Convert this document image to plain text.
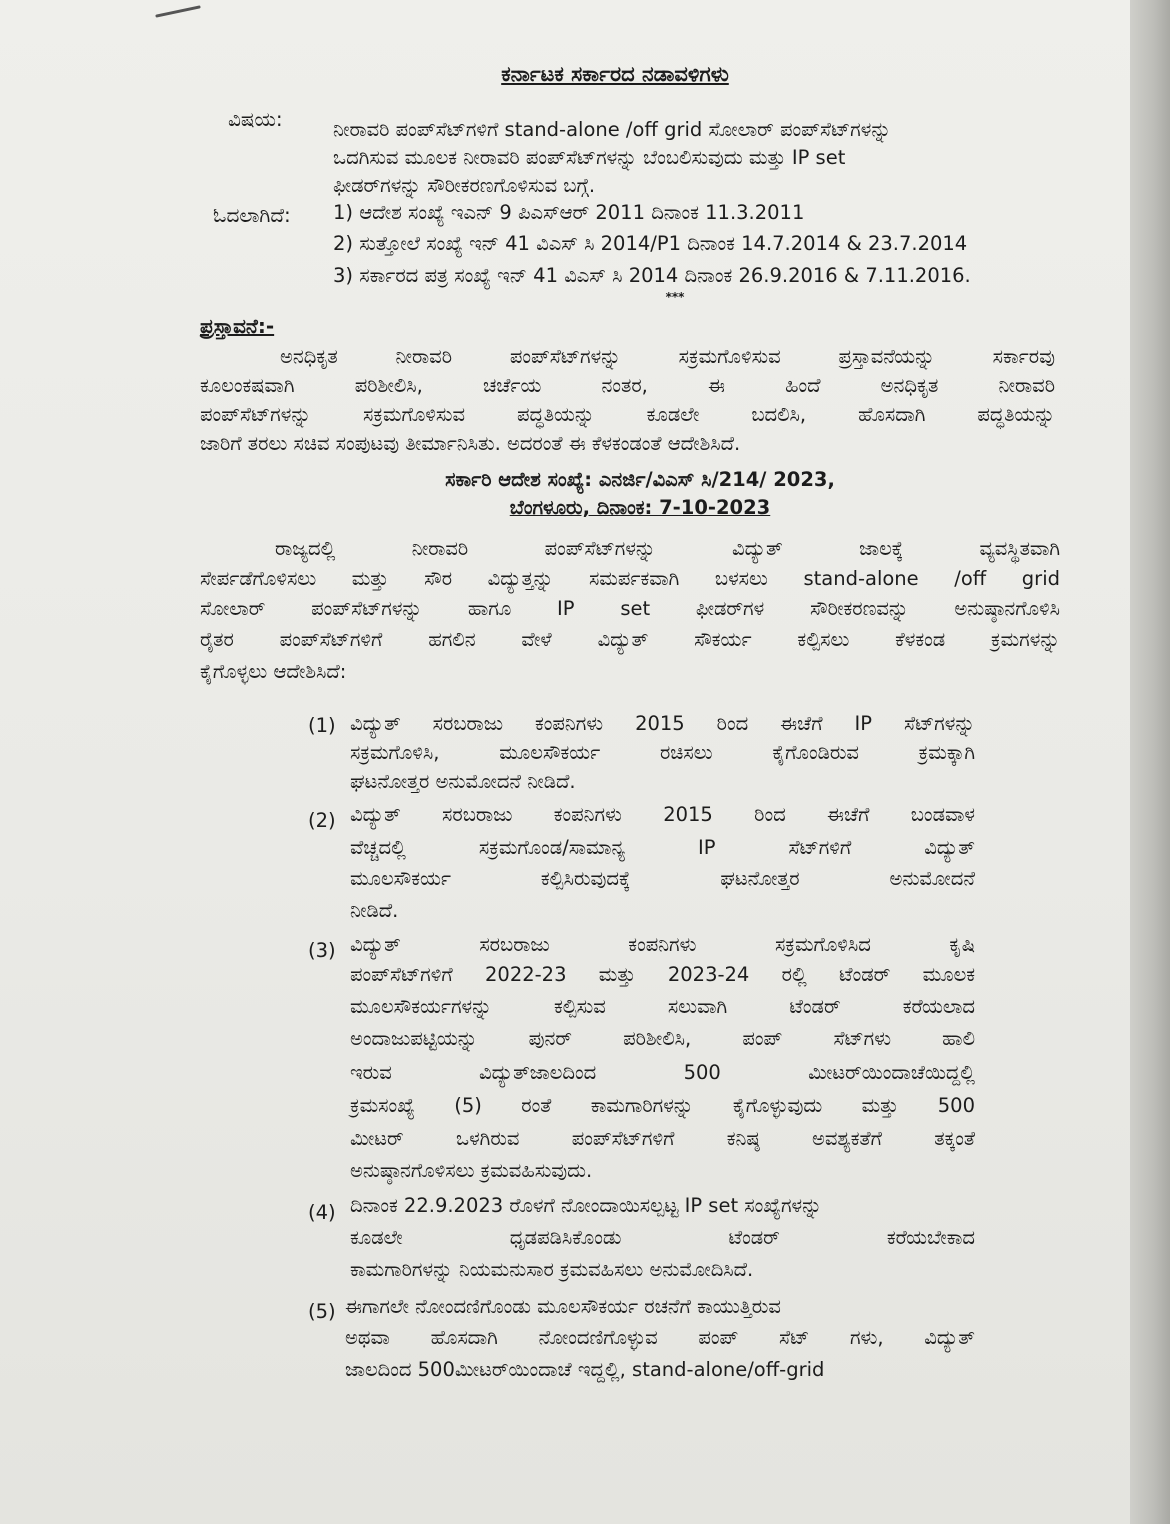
ಕರ್ನಾಟಕ ಸರ್ಕಾರದ ನಡಾವಳಿಗಳು
ವಿಷಯ:	ನೀರಾವರಿ ಪಂಪ್‌ಸೆಟ್‌ಗಳಿಗೆ stand-alone /off grid ಸೋಲಾರ್ ಪಂಪ್‌ಸೆಟ್‌ಗಳನ್ನು
ಒದಗಿಸುವ ಮೂಲಕ ನೀರಾವರಿ ಪಂಪ್‌ಸೆಟ್‌ಗಳನ್ನು ಬೆಂಬಲಿಸುವುದು ಮತ್ತು IP set
ಫೀಡರ್‌ಗಳನ್ನು ಸೌರೀಕರಣಗೊಳಿಸುವ ಬಗ್ಗೆ.
ಓದಲಾಗಿದೆ: 1) ಆದೇಶ ಸಂಖ್ಯೆ ಇಎನ್ 9 ಪಿಎಸ್‌ಆರ್ 2011 ದಿನಾಂಕ 11.3.2011
2) ಸುತ್ತೋಲೆ ಸಂಖ್ಯೆ ಇನ್ 41 ವಿಎಸ್ ಸಿ 2014/P1 ದಿನಾಂಕ 14.7.2014 & 23.7.2014
3) ಸರ್ಕಾರದ ಪತ್ರ ಸಂಖ್ಯೆ ಇನ್ 41 ವಿಎಸ್ ಸಿ 2014 ದಿನಾಂಕ 26.9.2016 & 7.11.2016.
***
ಪ್ರಸ್ತಾವನೆ:-
ಅನಧಿಕೃತ ನೀರಾವರಿ ಪಂಪ್‌ಸೆಟ್‌ಗಳನ್ನು ಸಕ್ರಮಗೊಳಿಸುವ ಪ್ರಸ್ತಾವನೆಯನ್ನು ಸರ್ಕಾರವು
ಕೂಲಂಕಷವಾಗಿ ಪರಿಶೀಲಿಸಿ, ಚರ್ಚೆಯ ನಂತರ, ಈ ಹಿಂದೆ ಅನಧಿಕೃತ ನೀರಾವರಿ
ಪಂಪ್‌ಸೆಟ್‌ಗಳನ್ನು ಸಕ್ರಮಗೊಳಿಸುವ ಪದ್ಧತಿಯನ್ನು ಕೂಡಲೇ ಬದಲಿಸಿ, ಹೊಸದಾಗಿ ಪದ್ಧತಿಯನ್ನು
ಜಾರಿಗೆ ತರಲು ಸಚಿವ ಸಂಪುಟವು ತೀರ್ಮಾನಿಸಿತು. ಅದರಂತೆ ಈ ಕೆಳಕಂಡಂತೆ ಆದೇಶಿಸಿದೆ.
ಸರ್ಕಾರಿ ಆದೇಶ ಸಂಖ್ಯೆ: ಎನರ್ಜಿ/ವಿಎಸ್ ಸಿ/214/ 2023,
ಬೆಂಗಳೂರು, ದಿನಾಂಕ: 7-10-2023
ರಾಜ್ಯದಲ್ಲಿ ನೀರಾವರಿ ಪಂಪ್‌ಸೆಟ್‌ಗಳನ್ನು ವಿದ್ಯುತ್ ಜಾಲಕ್ಕೆ ವ್ಯವಸ್ಥಿತವಾಗಿ
ಸೇರ್ಪಡೆಗೊಳಿಸಲು ಮತ್ತು ಸೌರ ವಿದ್ಯುತ್ತನ್ನು ಸಮರ್ಪಕವಾಗಿ ಬಳಸಲು stand-alone /off grid
ಸೋಲಾರ್ ಪಂಪ್‌ಸೆಟ್‌ಗಳನ್ನು ಹಾಗೂ IP set ಫೀಡರ್‌ಗಳ ಸೌರೀಕರಣವನ್ನು ಅನುಷ್ಠಾನಗೊಳಿಸಿ
ರೈತರ ಪಂಪ್‌ಸೆಟ್‌ಗಳಿಗೆ ಹಗಲಿನ ವೇಳೆ ವಿದ್ಯುತ್ ಸೌಕರ್ಯ ಕಲ್ಪಿಸಲು ಕೆಳಕಂಡ ಕ್ರಮಗಳನ್ನು
ಕೈಗೊಳ್ಳಲು ಆದೇಶಿಸಿದೆ:
(1) ವಿದ್ಯುತ್ ಸರಬರಾಜು ಕಂಪನಿಗಳು 2015 ರಿಂದ ಈಚೆಗೆ IP ಸೆಟ್‌ಗಳನ್ನು
ಸಕ್ರಮಗೊಳಿಸಿ, ಮೂಲಸೌಕರ್ಯ ರಚಿಸಲು ಕೈಗೊಂಡಿರುವ ಕ್ರಮಕ್ಕಾಗಿ
ಘಟನೋತ್ತರ ಅನುಮೋದನೆ ನೀಡಿದೆ.
(2) ವಿದ್ಯುತ್ ಸರಬರಾಜು ಕಂಪನಿಗಳು 2015 ರಿಂದ ಈಚೆಗೆ ಬಂಡವಾಳ
ವೆಚ್ಚದಲ್ಲಿ ಸಕ್ರಮಗೊಂಡ/ಸಾಮಾನ್ಯ IP ಸೆಟ್‌ಗಳಿಗೆ ವಿದ್ಯುತ್
ಮೂಲಸೌಕರ್ಯ ಕಲ್ಪಿಸಿರುವುದಕ್ಕೆ ಘಟನೋತ್ತರ ಅನುಮೋದನೆ
ನೀಡಿದೆ.
(3) ವಿದ್ಯುತ್ ಸರಬರಾಜು ಕಂಪನಿಗಳು ಸಕ್ರಮಗೊಳಿಸಿದ ಕೃಷಿ
ಪಂಪ್‌ಸೆಟ್‌ಗಳಿಗೆ 2022-23 ಮತ್ತು 2023-24 ರಲ್ಲಿ ಟೆಂಡರ್ ಮೂಲಕ
ಮೂಲಸೌಕರ್ಯಗಳನ್ನು ಕಲ್ಪಿಸುವ ಸಲುವಾಗಿ ಟೆಂಡರ್ ಕರೆಯಲಾದ
ಅಂದಾಜುಪಟ್ಟಿಯನ್ನು ಪುನರ್ ಪರಿಶೀಲಿಸಿ, ಪಂಪ್ ಸೆಟ್‌ಗಳು ಹಾಲಿ
ಇರುವ ವಿದ್ಯುತ್‌ಜಾಲದಿಂದ 500 ಮೀಟರ್‌ಯಿಂದಾಚೆಯಿದ್ದಲ್ಲಿ
ಕ್ರಮಸಂಖ್ಯೆ (5) ರಂತೆ ಕಾಮಗಾರಿಗಳನ್ನು ಕೈಗೊಳ್ಳುವುದು ಮತ್ತು 500
ಮೀಟರ್ ಒಳಗಿರುವ ಪಂಪ್‌ಸೆಟ್‌ಗಳಿಗೆ ಕನಿಷ್ಠ ಅವಶ್ಯಕತೆಗೆ ತಕ್ಕಂತೆ
ಅನುಷ್ಠಾನಗೊಳಿಸಲು ಕ್ರಮವಹಿಸುವುದು.
(4) ದಿನಾಂಕ 22.9.2023 ರೊಳಗೆ ನೋಂದಾಯಿಸಲ್ಪಟ್ಟ IP set ಸಂಖ್ಯೆಗಳನ್ನು
ಕೂಡಲೇ ಧೃಡಪಡಿಸಿಕೊಂಡು ಟೆಂಡರ್ ಕರೆಯಬೇಕಾದ
ಕಾಮಗಾರಿಗಳನ್ನು ನಿಯಮನುಸಾರ ಕ್ರಮವಹಿಸಲು ಅನುಮೋದಿಸಿದೆ.
(5) ಈಗಾಗಲೇ ನೋಂದಣಿಗೊಂಡು ಮೂಲಸೌಕರ್ಯ ರಚನೆಗೆ ಕಾಯುತ್ತಿರುವ
ಅಥವಾ ಹೊಸದಾಗಿ ನೋಂದಣಿಗೊಳ್ಳುವ ಪಂಪ್ ಸೆಟ್ ಗಳು, ವಿದ್ಯುತ್
ಜಾಲದಿಂದ 500ಮೀಟರ್‌ಯಿಂದಾಚೆ ಇದ್ದಲ್ಲಿ, stand-alone/off-grid
